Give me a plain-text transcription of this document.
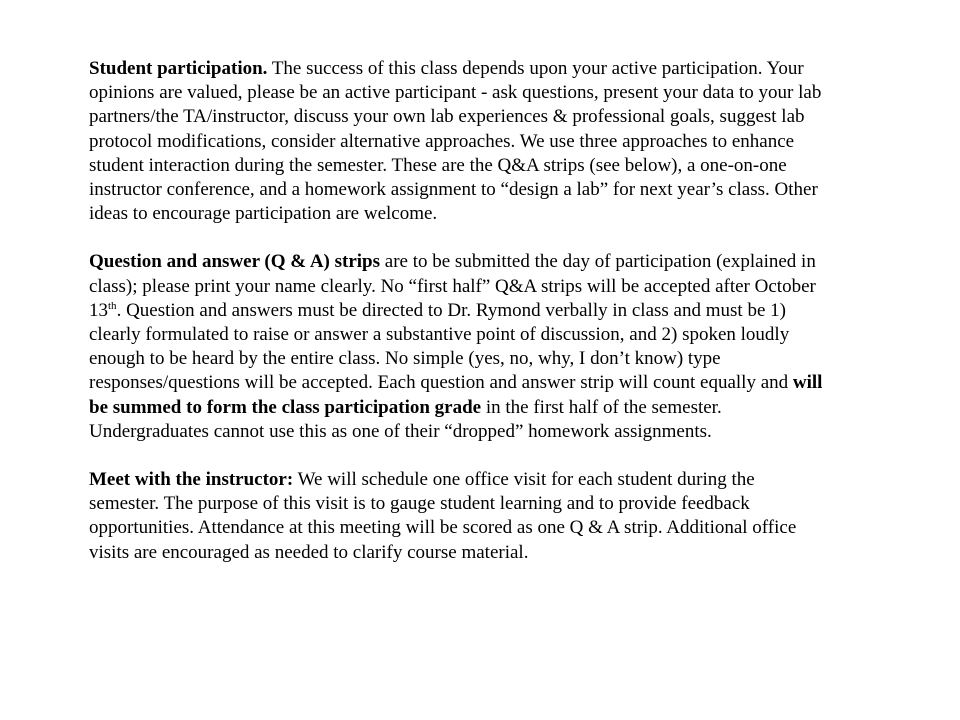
Student participation. The success of this class depends upon your active participation. Your
opinions are valued, please be an active participant - ask questions, present your data to your lab
partners/the TA/instructor, discuss your own lab experiences & professional goals, suggest lab
protocol modifications, consider alternative approaches. We use three approaches to enhance
student interaction during the semester. These are the Q&A strips (see below), a one-on-one
instructor conference, and a homework assignment to “design a lab” for next year’s class. Other
ideas to encourage participation are welcome.
Question and answer (Q & A) strips are to be submitted the day of participation (explained in
class); please print your name clearly. No “first half” Q&A strips will be accepted after October
13th. Question and answers must be directed to Dr. Rymond verbally in class and must be 1)
clearly formulated to raise or answer a substantive point of discussion, and 2) spoken loudly
enough to be heard by the entire class. No simple (yes, no, why, I don’t know) type
responses/questions will be accepted. Each question and answer strip will count equally and will
be summed to form the class participation grade in the first half of the semester.
Undergraduates cannot use this as one of their “dropped” homework assignments.
Meet with the instructor: We will schedule one office visit for each student during the
semester. The purpose of this visit is to gauge student learning and to provide feedback
opportunities. Attendance at this meeting will be scored as one Q & A strip. Additional office
visits are encouraged as needed to clarify course material.
